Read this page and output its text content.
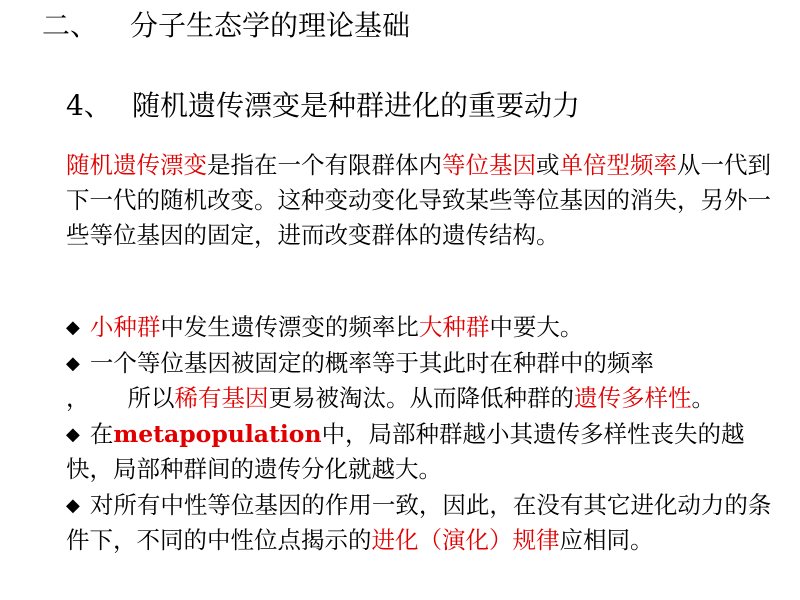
二、 分子生态学的理论基础
4、 随机遗传漂变是种群进化的重要动力

随机遗传漂变是指在一个有限群体内等位基因或单倍型频率从一代到下一代的随机改变。这种变动变化导致某些等位基因的消失，另外一些等位基因的固定，进而改变群体的遗传结构。

◆ 小种群中发生遗传漂变的频率比大种群中要大。

◆ 一个等位基因被固定的概率等于其此时在种群中的频率
， 所以稀有基因更易被淘汰。从而降低种群的遗传多样性。

◆ 在metapopulation中，局部种群越小其遗传多样性丧失的越快，局部种群间的遗传分化就越大。

◆ 对所有中性等位基因的作用一致，因此，在没有其它进化动力的条件下，不同的中性位点揭示的进化（演化）规律应相同。
